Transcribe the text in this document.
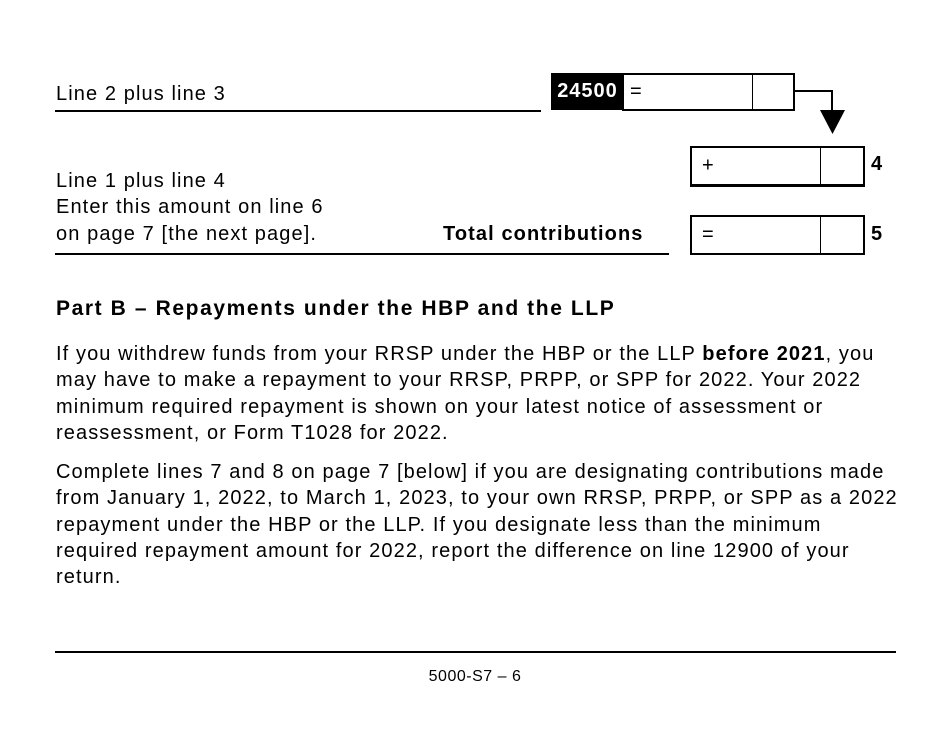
Line 2 plus line 3	24500 =
Line 1 plus line 4
Enter this amount on line 6
on page 7 [the next page].
+	4
Total contributions	=	5
Part B – Repayments under the HBP and the LLP
If you withdrew funds from your RRSP under the HBP or the LLP before 2021, you may have to make a repayment to your RRSP, PRPP, or SPP for 2022. Your 2022 minimum required repayment is shown on your latest notice of assessment or reassessment, or Form T1028 for 2022.
Complete lines 7 and 8 on page 7 [below] if you are designating contributions made from January 1, 2022, to March 1, 2023, to your own RRSP, PRPP, or SPP as a 2022 repayment under the HBP or the LLP. If you designate less than the minimum required repayment amount for 2022, report the difference on line 12900 of your return.
5000-S7 – 6
